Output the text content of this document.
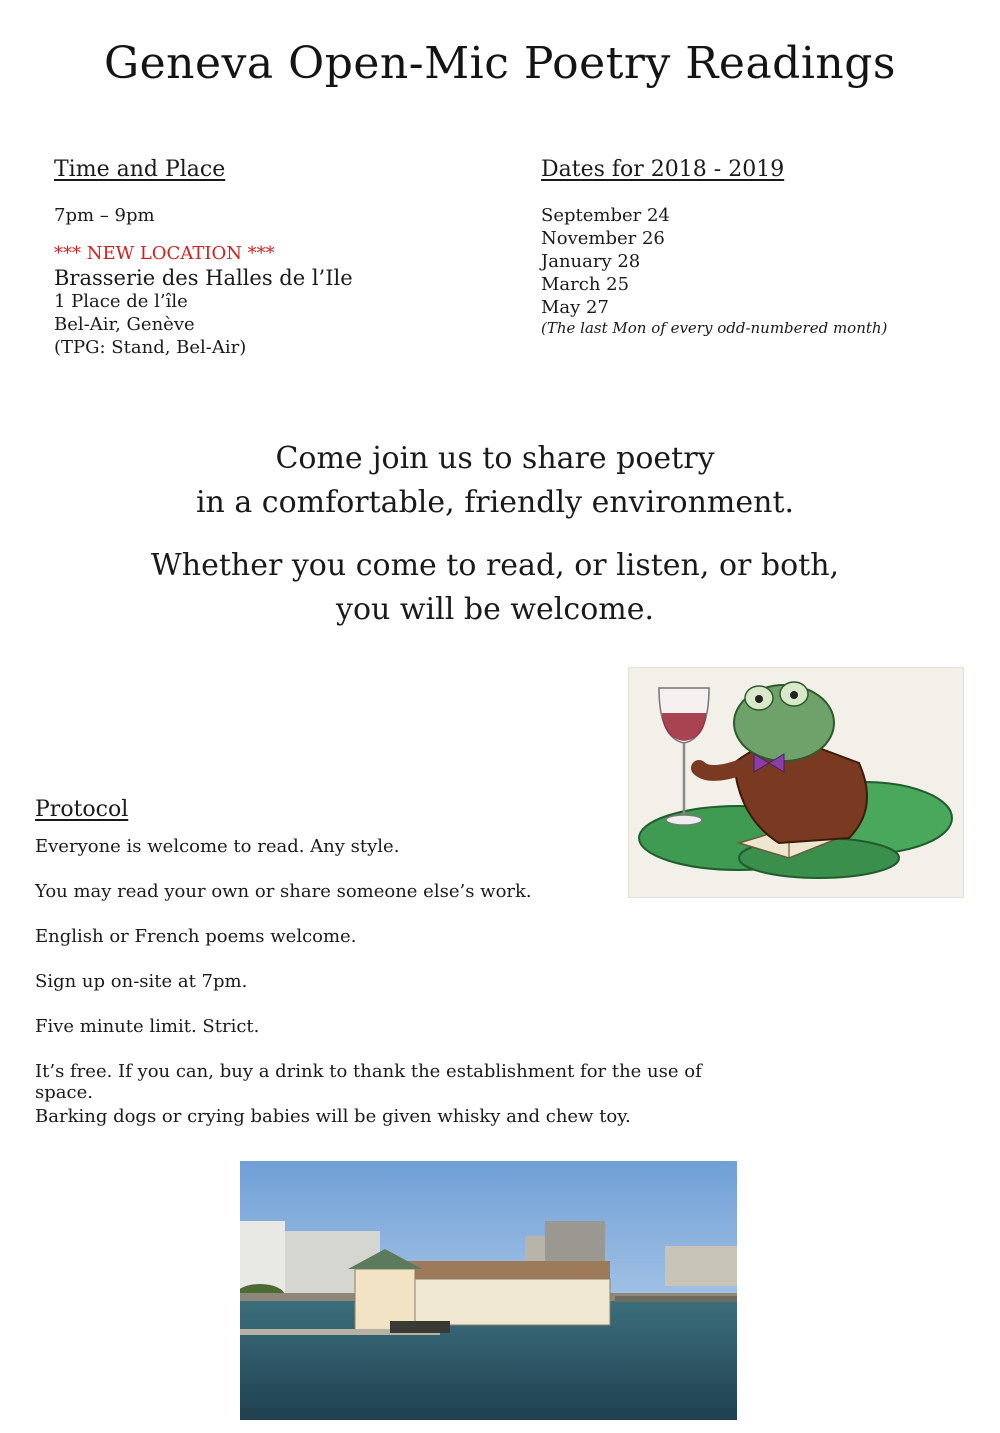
Geneva Open-Mic Poetry Readings
Time and Place
7pm – 9pm
*** NEW LOCATION ***
Brasserie des Halles de l’Ile
1 Place de l’île
Bel-Air, Genève
(TPG: Stand, Bel-Air)
Dates for 2018 - 2019
September 24
November 26
January 28
March 25
May 27
(The last Mon of every odd-numbered month)
Come join us to share poetry
in a comfortable, friendly environment.
Whether you come to read, or listen, or both,
you will be welcome.
Protocol
Everyone is welcome to read. Any style.
You may read your own or share someone else’s work.
English or French poems welcome.
Sign up on-site at 7pm.
Five minute limit. Strict.
It’s free. If you can, buy a drink to thank the establishment for the use of space.
Barking dogs or crying babies will be given whisky and chew toy.
